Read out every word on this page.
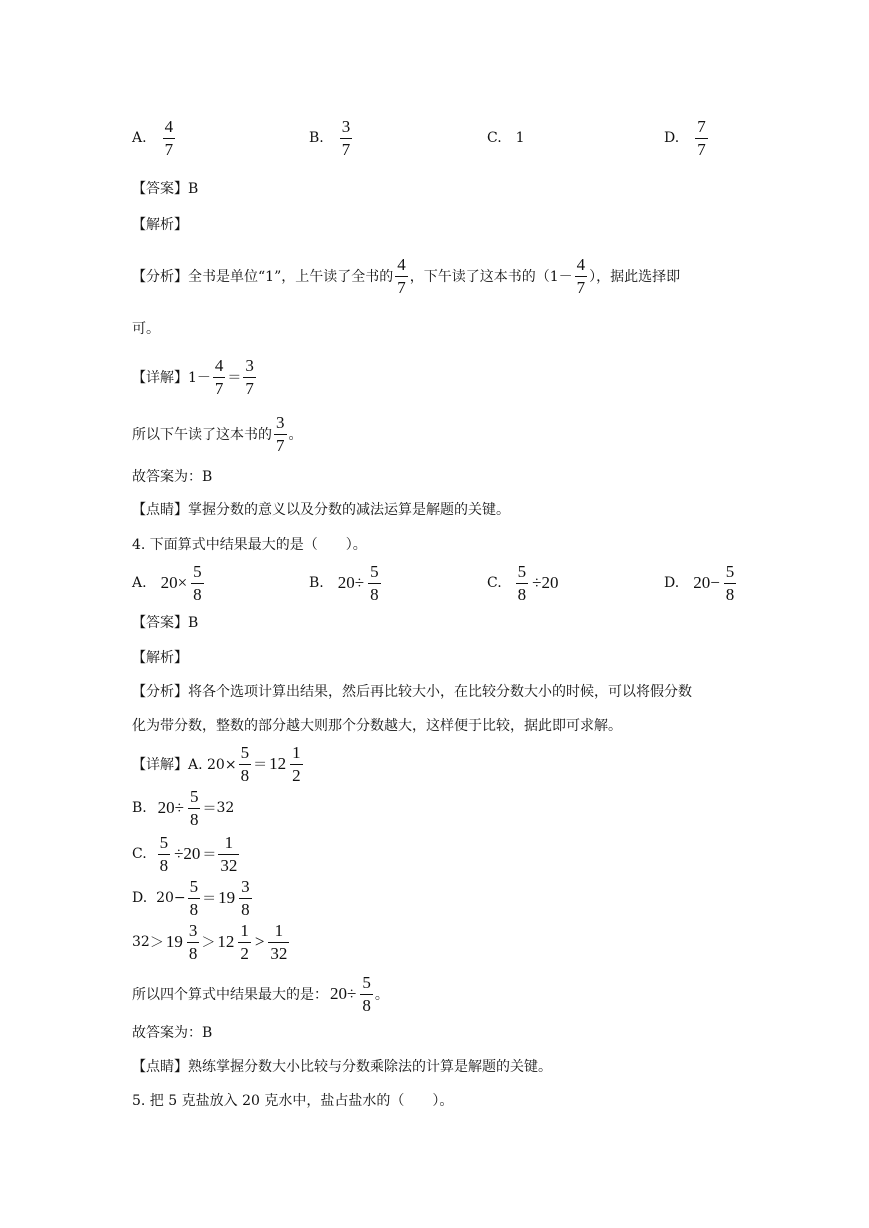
A. $\frac{4}{7}$	B. $\frac{3}{7}$	C. 1	D. $\frac{7}{7}$
【答案】B
【解析】
【分析】全书是单位“1”，上午读了全书的 $\frac{4}{7}$ ，下午读了这本书的（$1- \frac{4}{7}$ ），据此选择即
可。
【详解】$1- \frac{4}{7} = \frac{3}{7}$
所以下午读了这本书的 $\frac{3}{7}$ 。
故答案为：B
【点睛】掌握分数的意义以及分数的减法运算是解题的关键。
4. 下面算式中结果最大的是（　　）。
A. $20\times \frac{5}{8}$	B. $20\div \frac{5}{8}$	C. $\frac{5}{8} \div 20$	D. $20- \frac{5}{8}$
【答案】B
【解析】
【分析】将各个选项计算出结果，然后再比较大小，在比较分数大小的时候，可以将假分数
化为带分数，整数的部分越大则那个分数越大，这样便于比较，据此即可求解。
【详解】A. $20\times \frac{5}{8} = 12 \frac{1}{2}$
B. $20\div \frac{5}{8} = 32$
C. $\frac{5}{8} \div 20 = \frac{1}{32}$
D.  $20- \frac{5}{8} = 19 \frac{3}{8}$
$32 > 19 \frac{3}{8} > 12 \frac{1}{2} > \frac{1}{32}$
所以四个算式中结果最大的是： $20\div \frac{5}{8}$ 。
故答案为：B
【点睛】熟练掌握分数大小比较与分数乘除法的计算是解题的关键。
5. 把 5 克盐放入 20 克水中，盐占盐水的（　　）。
